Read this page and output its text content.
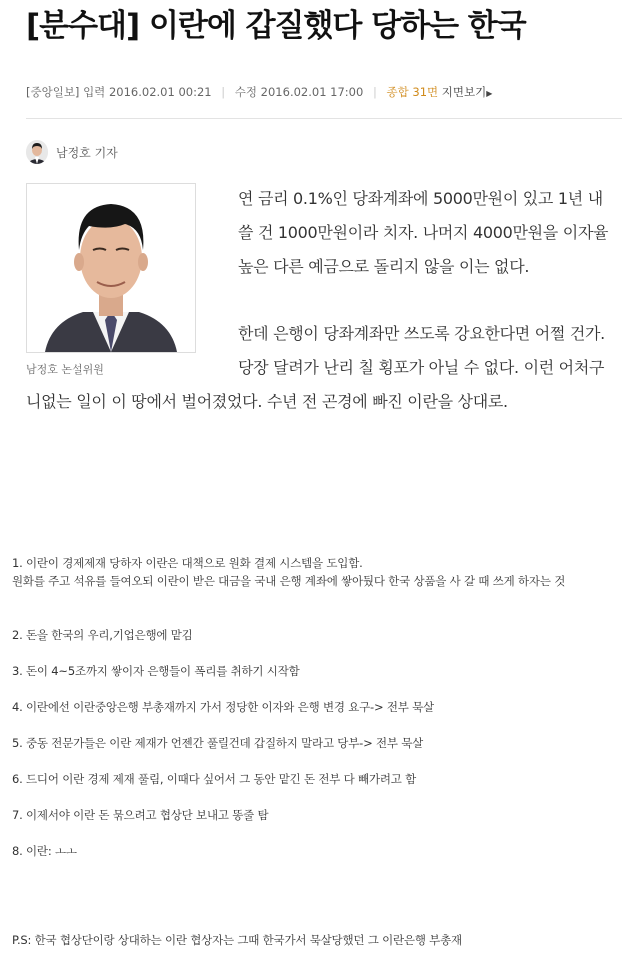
[분수대] 이란에 갑질했다 당하는 한국
[중앙일보] 입력 2016.02.01 00:21 | 수정 2016.02.01 17:00 | 종합 31면 지면보기▶
남정호 기자
남정호 논설위원

연 금리 0.1%인 당좌계좌에 5000만원이 있고 1년 내 쓸 건 1000만원이라 치자. 나머지 4000만원을 이자율 높은 다른 예금으로 돌리지 않을 이는 없다.

한데 은행이 당좌계좌만 쓰도록 강요한다면 어쩔 건가. 당장 달려가 난리 칠 횡포가 아닐 수 없다. 이런 어처구니없는 일이 이 땅에서 벌어졌었다. 수년 전 곤경에 빠진 이란을 상대로.

1. 이란이 경제제재 당하자 이란은 대책으로 원화 결제 시스템을 도입함.
원화를 주고 석유를 들여오되 이란이 받은 대금을 국내 은행 계좌에 쌓아뒀다 한국 상품을 사 갈 때 쓰게 하자는 것
2. 돈을 한국의 우리,기업은행에 맡김
3. 돈이 4~5조까지 쌓이자 은행들이 폭리를 취하기 시작함
4. 이란에선 이란중앙은행 부총재까지 가서 정당한 이자와 은행 변경 요구-> 전부 묵살
5. 중동 전문가들은 이란 제재가 언젠간 풀릴건데 갑질하지 말라고 당부-> 전부 묵살
6. 드디어 이란 경제 제재 풀림, 이때다 싶어서 그 동안 맡긴 돈 전부 다 빼가려고 함
7. 이제서야 이란 돈 묶으려고 협상단 보내고 똥줄 탐
8. 이란: ㅗㅗ
P.S: 한국 협상단이랑 상대하는 이란 협상자는 그때 한국가서 묵살당했던 그 이란은행 부총재
